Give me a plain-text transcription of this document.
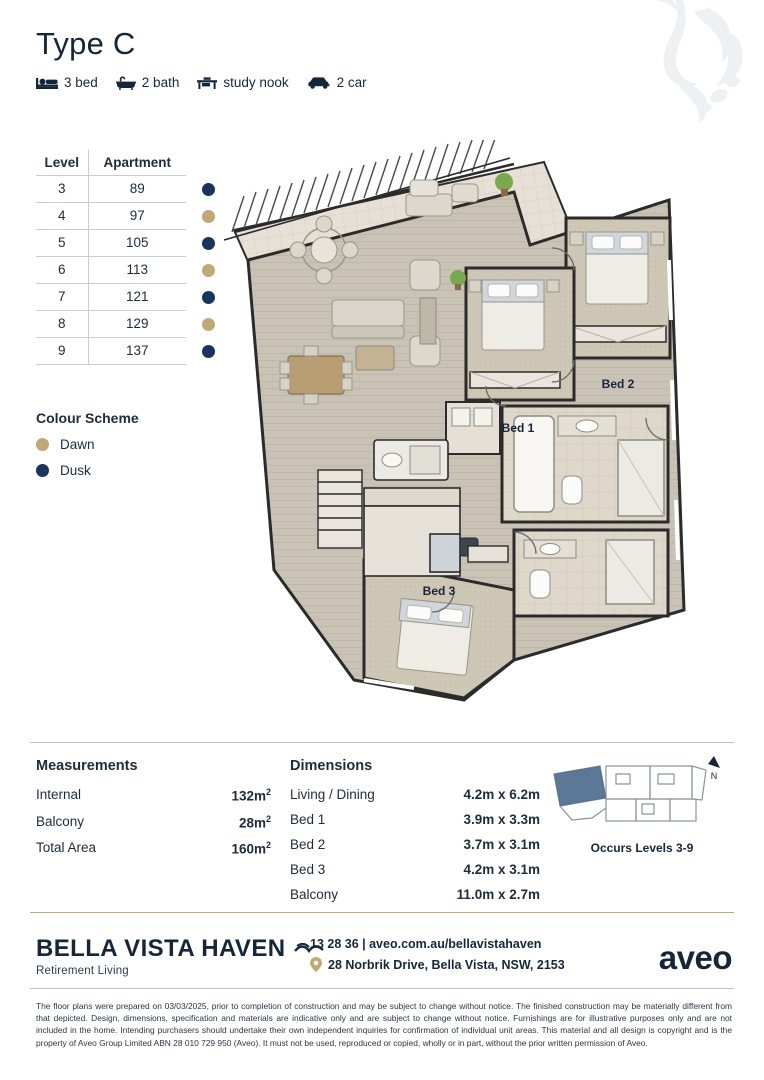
Type C
3 bed	2 bath	study nook	2 car
Level	Apartment	
3	89	
4	97	
5	105	
6	113	
7	121	
8	129	
9	137	
Colour Scheme
Dawn
Dusk
Bed 2
Bed 1
Bed 3
Measurements
Internal	$132m^2$
Balcony	$28m^2$
Total Area	$160m^2$
Dimensions
Living / Dining	4.2m x 6.2m
Bed 1	3.9m x 3.3m
Bed 2	3.7m x 3.1m
Bed 3	4.2m x 3.1m
Balcony	11.0m x 2.7m
N
Occurs Levels 3-9
BELLA VISTA HAVEN
Retirement Living
13 28 36 | aveo.com.au/bellavistahaven
28 Norbrik Drive, Bella Vista, NSW, 2153	aveo
The floor plans were prepared on 03/03/2025, prior to completion of construction and may be subject to change without notice. The finished construction may be materially different from that depicted. Design, dimensions, specification and materials are indicative only and are subject to change without notice. Furnishings are for illustrative purposes only and are not included in the home. Intending purchasers should undertake their own independent inquiries for confirmation of individual unit areas. This material and all design is copyright and is the property of Aveo Group Limited ABN 28 010 729 950 (Aveo). It must not be used, reproduced or copied, wholly or in part, without the prior written permission of Aveo.
